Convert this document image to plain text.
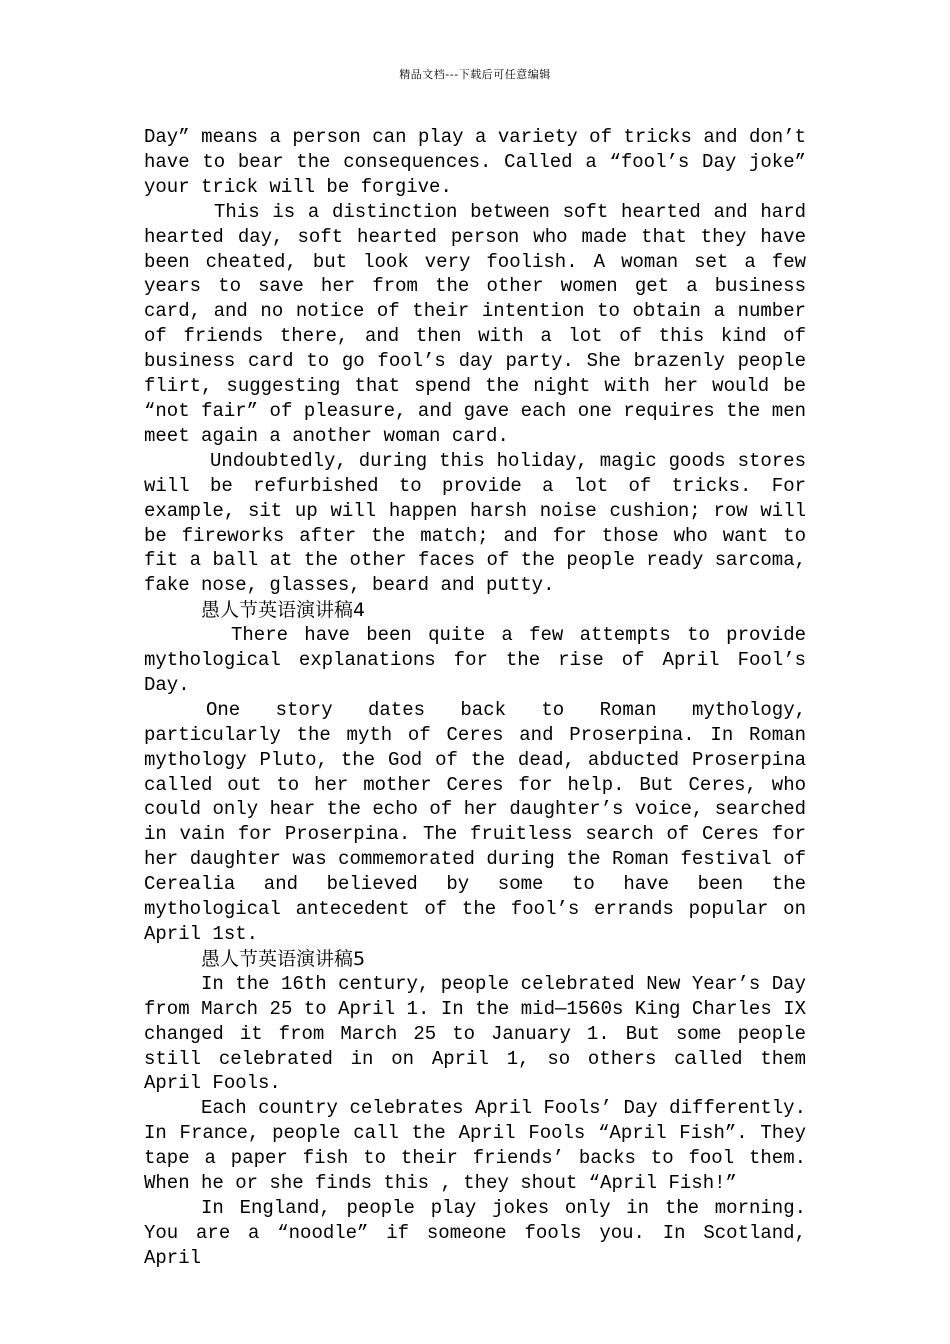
精品文档---下载后可任意编辑

Day” means a person can play a variety of tricks and don’t have to bear the consequences. Called a “fool’s Day joke” your trick will be forgive.

This is a distinction between soft hearted and hard hearted day, soft hearted person who made that they have been cheated, but look very foolish. A woman set a few years to save her from the other women get a business card, and no notice of their intention to obtain a number of friends there, and then with a lot of this kind of business card to go fool’s day party. She brazenly people flirt, suggesting that spend the night with her would be “not fair” of pleasure, and gave each one requires the men meet again a another woman card.

Undoubtedly, during this holiday, magic goods stores will be refurbished to provide a lot of tricks. For example, sit up will happen harsh noise cushion; row will be fireworks after the match; and for those who want to fit a ball at the other faces of the people ready sarcoma, fake nose, glasses, beard and putty.

愚人节英语演讲稿4

There have been quite a few attempts to provide mythological explanations for the rise of April Fool’s Day.

One story dates back to Roman mythology, particularly the myth of Ceres and Proserpina. In Roman mythology Pluto, the God of the dead, abducted Proserpina called out to her mother Ceres for help. But Ceres, who could only hear the echo of her daughter’s voice, searched in vain for Proserpina. The fruitless search of Ceres for her daughter was commemorated during the Roman festival of Cerealia and believed by some to have been the mythological antecedent of the fool’s errands popular on April 1st.

愚人节英语演讲稿5

In the 16th century, people celebrated New Year’s Day from March 25 to April 1. In the mid—1560s King Charles IX changed it from March 25 to January 1. But some people still celebrated in on April 1, so others called them April Fools.

Each country celebrates April Fools’ Day differently. In France, people call the April Fools “April Fish”. They tape a paper fish to their friends’ backs to fool them. When he or she finds this , they shout “April Fish!”

In England, people play jokes only in the morning. You are a “noodle” if someone fools you. In Scotland, April
